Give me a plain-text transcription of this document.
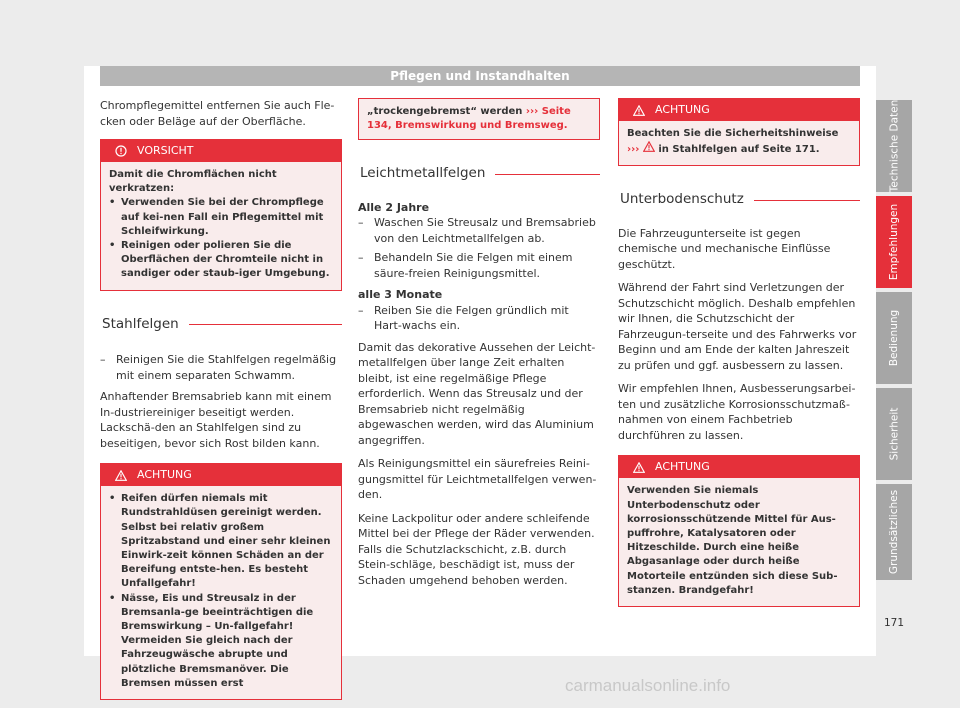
Pflegen und Instandhalten

Chrompflegemittel entfernen Sie auch Fle-cken oder Beläge auf der Oberfläche.

VORSICHT
Damit die Chromflächen nicht verkratzen:
• Verwenden Sie bei der Chrompflege auf kei-nen Fall ein Pflegemittel mit Schleifwirkung.
• Reinigen oder polieren Sie die Oberflächen der Chromteile nicht in sandiger oder staub-iger Umgebung.
Stahlfelgen
– Reinigen Sie die Stahlfelgen regelmäßig mit einem separaten Schwamm.

Anhaftender Bremsabrieb kann mit einem In-dustriereiniger beseitigt werden. Lackschä-den an Stahlfelgen sind zu beseitigen, bevor sich Rost bilden kann.

ACHTUNG
• Reifen dürfen niemals mit Rundstrahldüsen gereinigt werden. Selbst bei relativ großem Spritzabstand und einer sehr kleinen Einwirk-zeit können Schäden an der Bereifung entste-hen. Es besteht Unfallgefahr!
• Nässe, Eis und Streusalz in der Bremsanla-ge beeinträchtigen die Bremswirkung – Un-fallgefahr! Vermeiden Sie gleich nach der Fahrzeugwäsche abrupte und plötzliche Bremsmanöver. Die Bremsen müssen erst
„trockengebremst“ werden ››› Seite 134, Bremswirkung und Bremsweg.
Leichtmetallfelgen
Alle 2 Jahre
– Waschen Sie Streusalz und Bremsabrieb von den Leichtmetallfelgen ab.
– Behandeln Sie die Felgen mit einem säure-freien Reinigungsmittel.
alle 3 Monate
– Reiben Sie die Felgen gründlich mit Hart-wachs ein.

Damit das dekorative Aussehen der Leicht-metallfelgen über lange Zeit erhalten bleibt, ist eine regelmäßige Pflege erforderlich. Wenn das Streusalz und der Bremsabrieb nicht regelmäßig abgewaschen werden, wird das Aluminium angegriffen.

Als Reinigungsmittel ein säurefreies Reini-gungsmittel für Leichtmetallfelgen verwen-den.

Keine Lackpolitur oder andere schleifende Mittel bei der Pflege der Räder verwenden. Falls die Schutzlackschicht, z.B. durch Stein-schläge, beschädigt ist, muss der Schaden umgehend behoben werden.

ACHTUNG
Beachten Sie die Sicherheitshinweise ››› in Stahlfelgen auf Seite 171.
Unterbodenschutz

Die Fahrzeugunterseite ist gegen chemische und mechanische Einflüsse geschützt.

Während der Fahrt sind Verletzungen der Schutzschicht möglich. Deshalb empfehlen wir Ihnen, die Schutzschicht der Fahrzeugun-terseite und des Fahrwerks vor Beginn und am Ende der kalten Jahreszeit zu prüfen und ggf. ausbessern zu lassen.

Wir empfehlen Ihnen, Ausbesserungsarbei-ten und zusätzliche Korrosionsschutzmaß-nahmen von einem Fachbetrieb durchführen zu lassen.

ACHTUNG
Verwenden Sie niemals Unterbodenschutz oder korrosionsschützende Mittel für Aus-puffrohre, Katalysatoren oder Hitzeschilde. Durch eine heiße Abgasanlage oder durch heiße Motorteile entzünden sich diese Sub-stanzen. Brandgefahr!
Technische Daten
Empfehlungen
Bedienung
Sicherheit
Grundsätzliches
171
carmanualsonline.info
